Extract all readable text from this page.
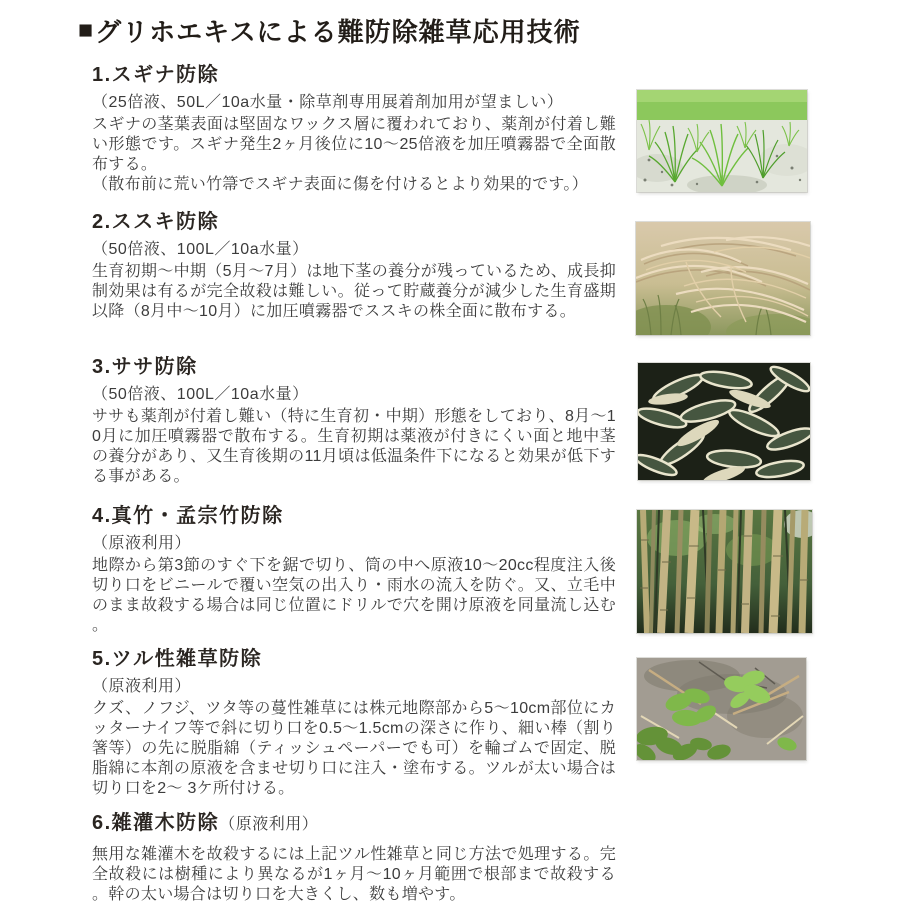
■ グリホエキスによる難防除雑草応用技術
1.スギナ防除
（25倍液、50L／10a水量・除草剤専用展着剤加用が望ましい）
スギナの茎葉表面は堅固なワックス層に覆われており、薬剤が付着し難い形態です。スギナ発生2ヶ月後位に10～25倍液を加圧噴霧器で全面散布する。
（散布前に荒い竹箒でスギナ表面に傷を付けるとより効果的です。）
2.ススキ防除
（50倍液、100L／10a水量）
生育初期～中期（5月～7月）は地下茎の養分が残っているため、成長抑制効果は有るが完全故殺は難しい。従って貯蔵養分が減少した生育盛期以降（8月中～10月）に加圧噴霧器でススキの株全面に散布する。
3.ササ防除
（50倍液、100L／10a水量）
ササも薬剤が付着し難い（特に生育初・中期）形態をしており、8月～10月に加圧噴霧器で散布する。生育初期は薬液が付きにくい面と地中茎の養分があり、又生育後期の11月頃は低温条件下になると効果が低下する事がある。
4.真竹・孟宗竹防除
（原液利用）
地際から第3節のすぐ下を鋸で切り、筒の中へ原液10～20cc程度注入後切り口をビニールで覆い空気の出入り・雨水の流入を防ぐ。又、立毛中のまま故殺する場合は同じ位置にドリルで穴を開け原液を同量流し込む。
5.ツル性雑草防除
（原液利用）
クズ、ノフジ、ツタ等の蔓性雑草には株元地際部から5～10cm部位にカッターナイフ等で斜に切り口を0.5～1.5cmの深さに作り、細い棒（割り箸等）の先に脱脂綿（ティッシュペーパーでも可）を輪ゴムで固定、脱脂綿に本剤の原液を含ませ切り口に注入・塗布する。ツルが太い場合は切り口を2～ 3ケ所付ける。
6.雑灌木防除（原液利用）
無用な雑灌木を故殺するには上記ツル性雑草と同じ方法で処理する。完全故殺には樹種により異なるが1ヶ月～10ヶ月範囲で根部まで故殺する。幹の太い場合は切り口を大きくし、数も増やす。
